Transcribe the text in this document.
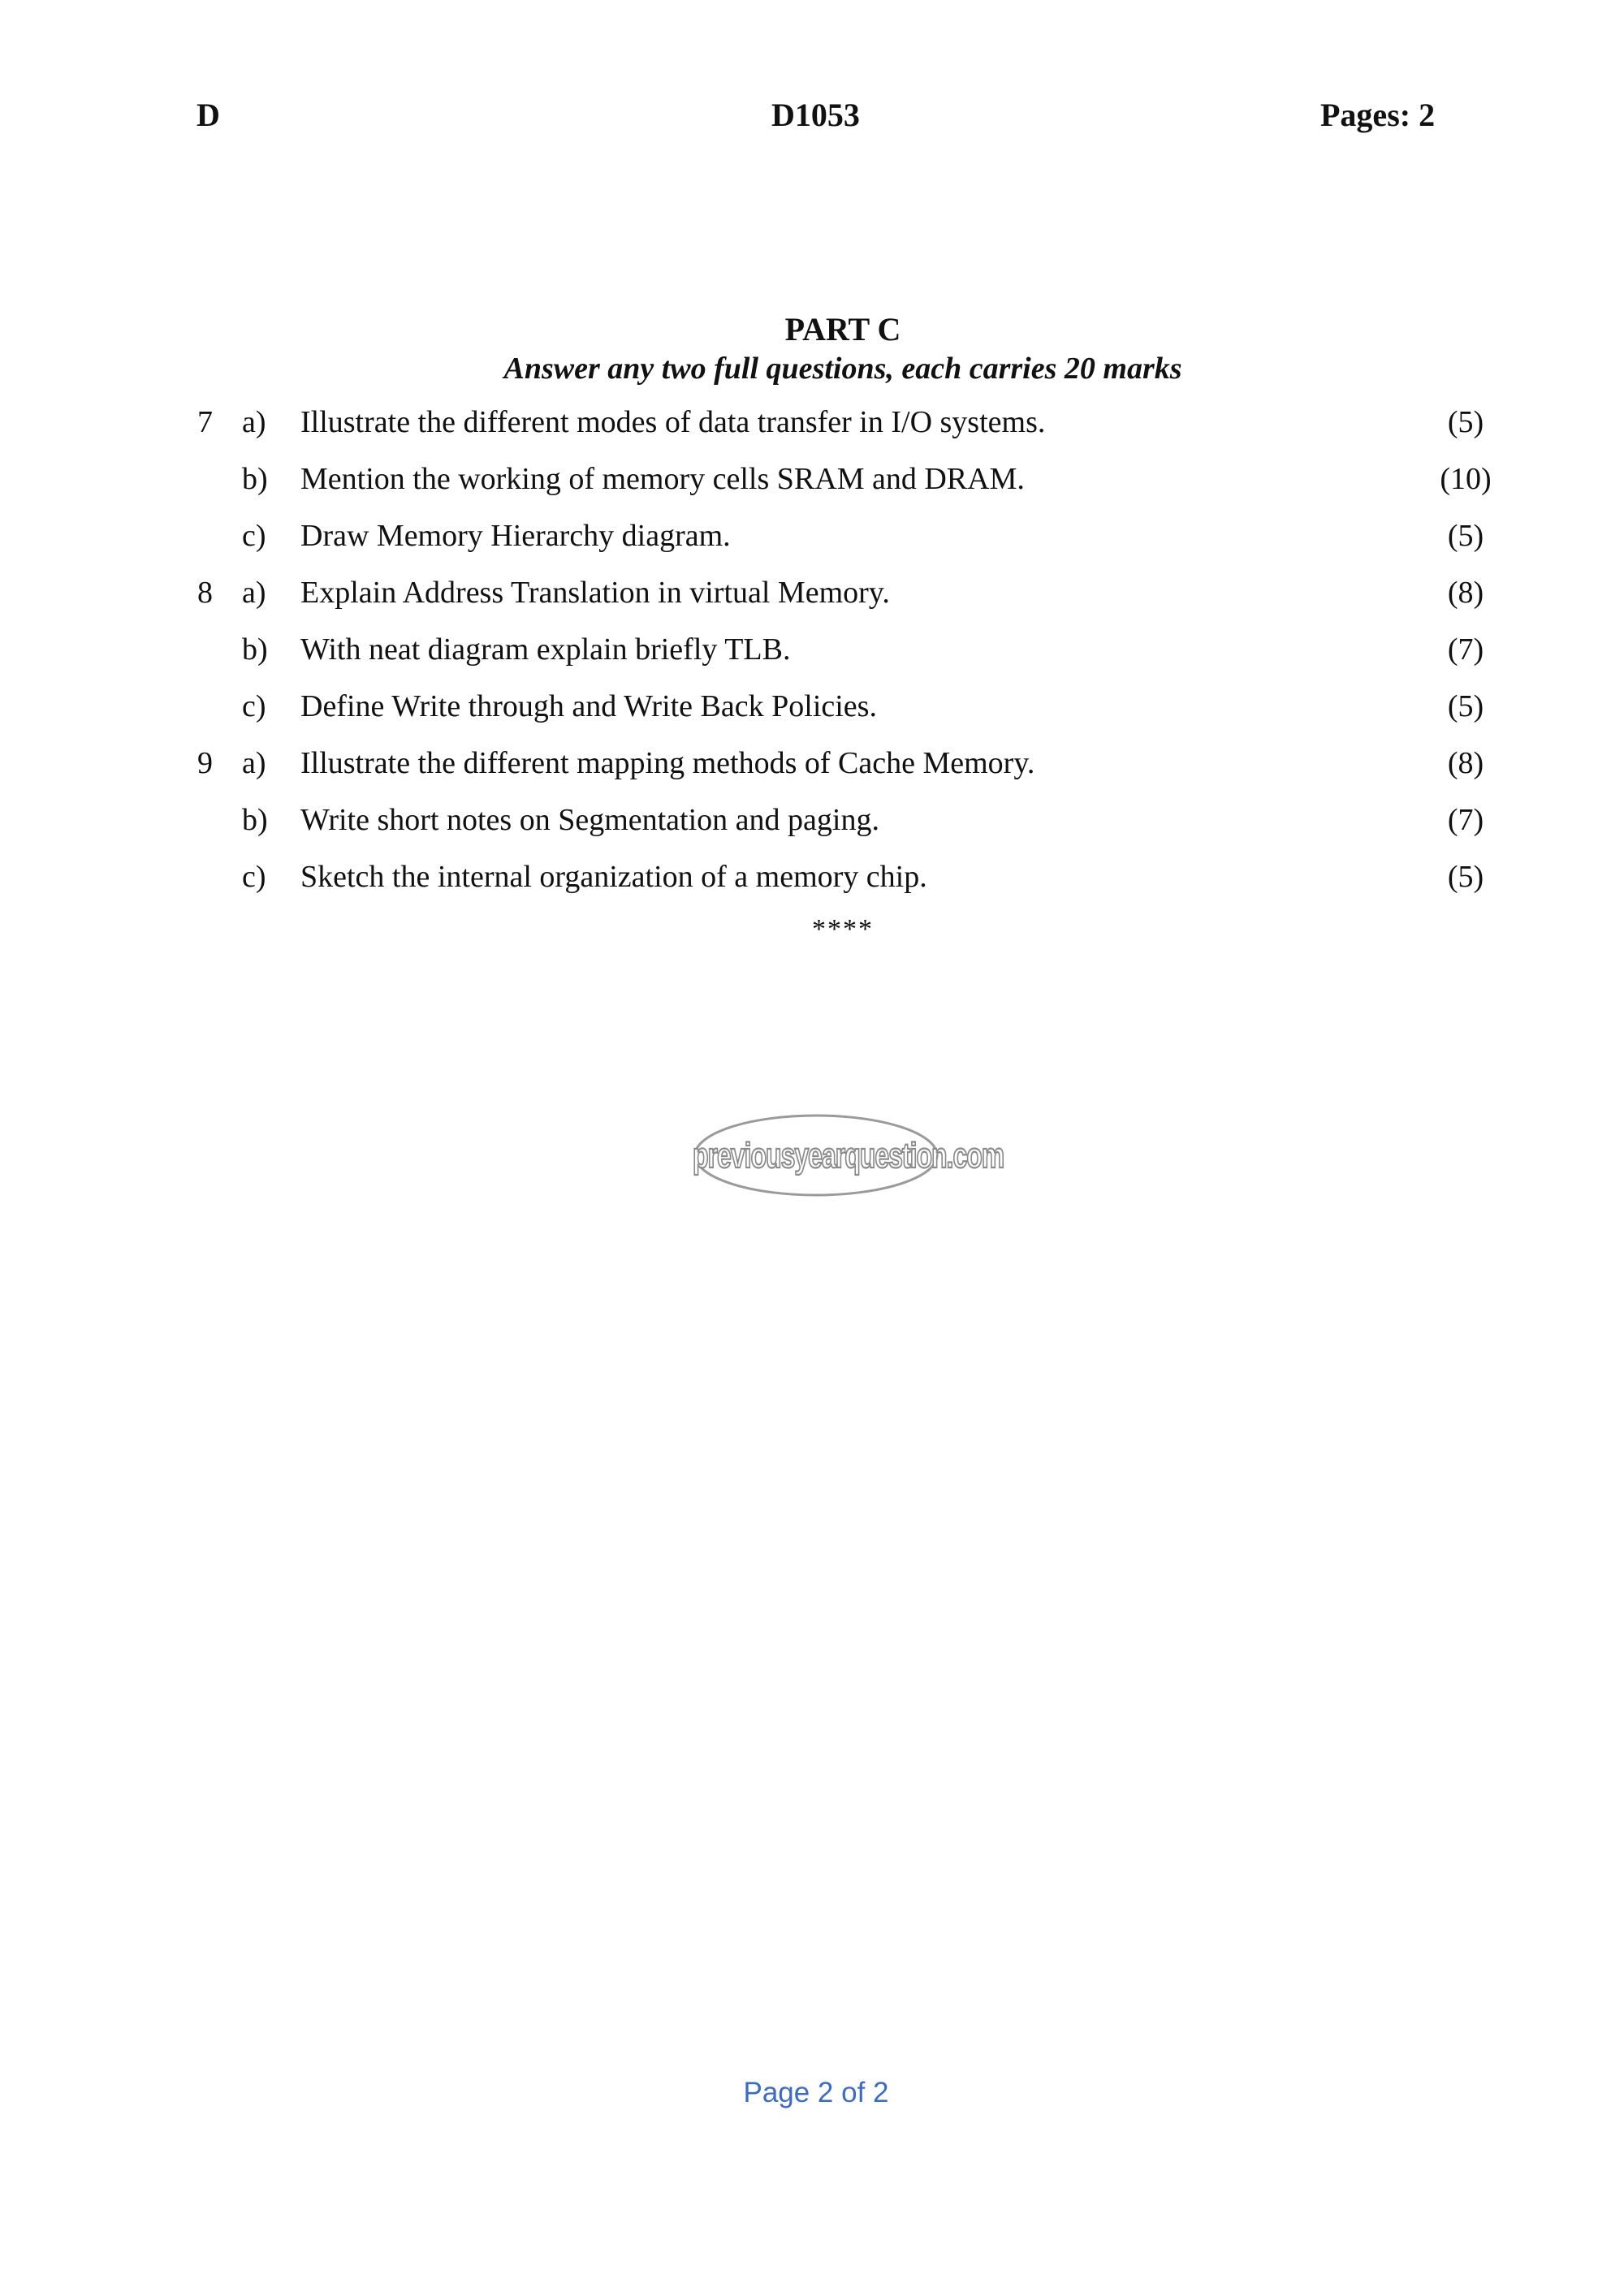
D	D1053	Pages: 2
PART C
Answer any two full questions, each carries 20 marks
7 a) Illustrate the different modes of data transfer in I/O systems.	(5)
b) Mention the working of memory cells SRAM and DRAM.	(10)
c) Draw Memory Hierarchy diagram.	(5)
8 a) Explain Address Translation in virtual Memory.	(8)
b) With neat diagram explain briefly TLB.	(7)
c) Define Write through and Write Back Policies.	(5)
9 a) Illustrate the different mapping methods of Cache Memory.	(8)
b) Write short notes on Segmentation and paging.	(7)
c) Sketch the internal organization of a memory chip.	(5)
****
previousyearquestion.com
Page 2 of 2
